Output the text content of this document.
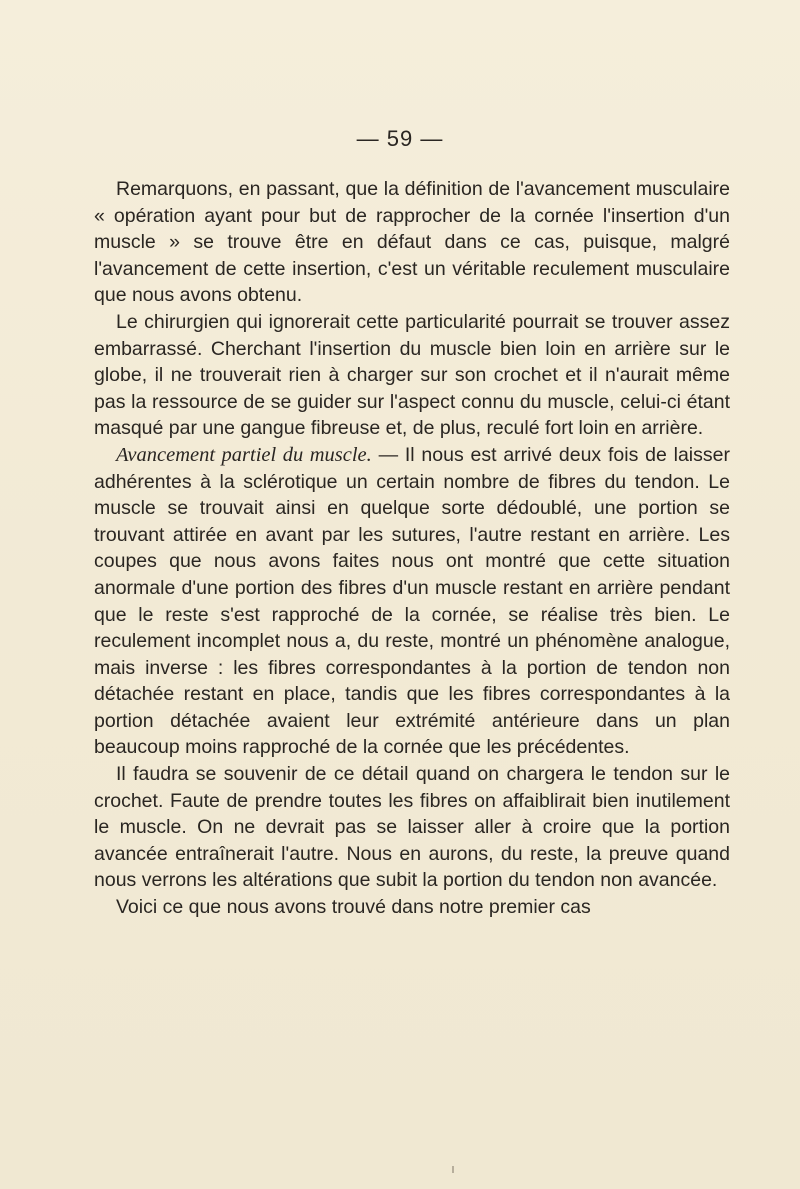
— 59 —

Remarquons, en passant, que la définition de l'avancement musculaire « opération ayant pour but de rapprocher de la cornée l'insertion d'un muscle » se trouve être en défaut dans ce cas, puisque, malgré l'avancement de cette insertion, c'est un véritable reculement musculaire que nous avons obtenu.

Le chirurgien qui ignorerait cette particularité pourrait se trouver assez embarrassé. Cherchant l'insertion du muscle bien loin en arrière sur le globe, il ne trouverait rien à charger sur son crochet et il n'aurait même pas la ressource de se guider sur l'aspect connu du muscle, celui-ci étant masqué par une gangue fibreuse et, de plus, reculé fort loin en arrière.

Avancement partiel du muscle. — Il nous est arrivé deux fois de laisser adhérentes à la sclérotique un certain nombre de fibres du tendon. Le muscle se trouvait ainsi en quelque sorte dédoublé, une portion se trouvant attirée en avant par les sutures, l'autre restant en arrière. Les coupes que nous avons faites nous ont montré que cette situation anormale d'une portion des fibres d'un muscle restant en arrière pendant que le reste s'est rapproché de la cornée, se réalise très bien. Le reculement incomplet nous a, du reste, montré un phénomène analogue, mais inverse : les fibres correspondantes à la portion de tendon non détachée restant en place, tandis que les fibres correspondantes à la portion détachée avaient leur extrémité antérieure dans un plan beaucoup moins rapproché de la cornée que les précédentes.

Il faudra se souvenir de ce détail quand on chargera le tendon sur le crochet. Faute de prendre toutes les fibres on affaiblirait bien inutilement le muscle. On ne devrait pas se laisser aller à croire que la portion avancée entraînerait l'autre. Nous en aurons, du reste, la preuve quand nous verrons les altérations que subit la portion du tendon non avancée.

Voici ce que nous avons trouvé dans notre premier cas
